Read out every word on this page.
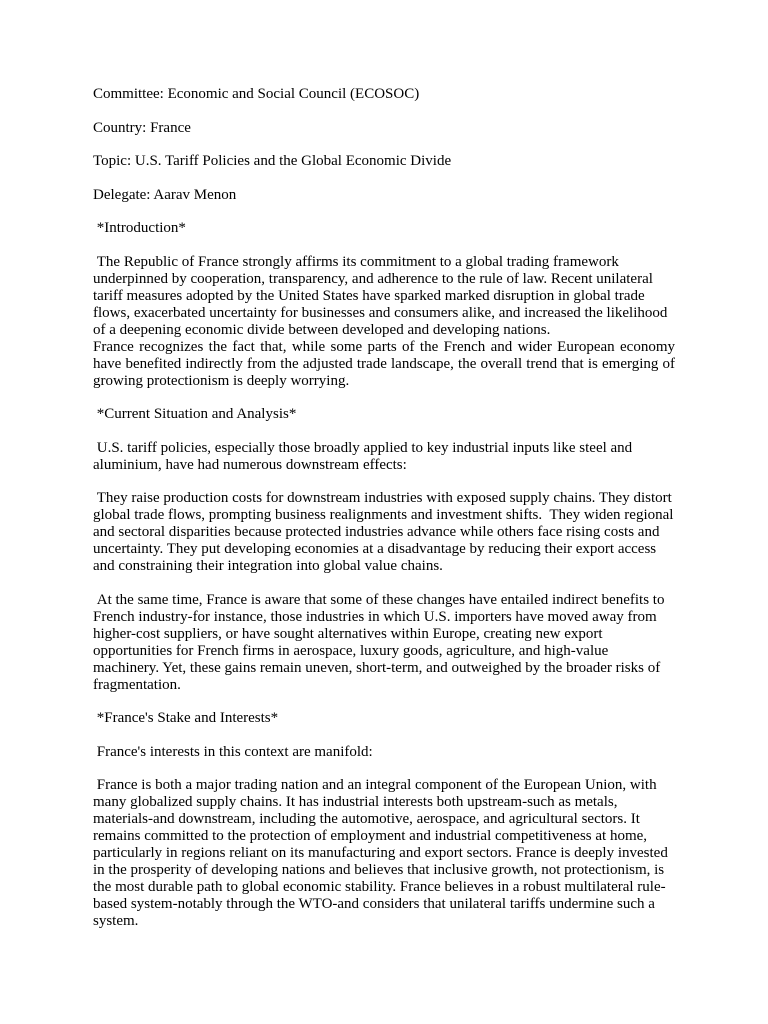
Committee: Economic and Social Council (ECOSOC)

Country: France

Topic: U.S. Tariff Policies and the Global Economic Divide

Delegate: Aarav Menon

*Introduction*

The Republic of France strongly affirms its commitment to a global trading framework underpinned by cooperation, transparency, and adherence to the rule of law. Recent unilateral tariff measures adopted by the United States have sparked marked disruption in global trade flows, exacerbated uncertainty for businesses and consumers alike, and increased the likelihood of a deepening economic divide between developed and developing nations.

France recognizes the fact that, while some parts of the French and wider European economy have benefited indirectly from the adjusted trade landscape, the overall trend that is emerging of growing protectionism is deeply worrying.

*Current Situation and Analysis*

U.S. tariff policies, especially those broadly applied to key industrial inputs like steel and aluminium, have had numerous downstream effects:

They raise production costs for downstream industries with exposed supply chains. They distort global trade flows, prompting business realignments and investment shifts.  They widen regional and sectoral disparities because protected industries advance while others face rising costs and uncertainty. They put developing economies at a disadvantage by reducing their export access and constraining their integration into global value chains.

At the same time, France is aware that some of these changes have entailed indirect benefits to French industry-for instance, those industries in which U.S. importers have moved away from higher-cost suppliers, or have sought alternatives within Europe, creating new export opportunities for French firms in aerospace, luxury goods, agriculture, and high-value machinery. Yet, these gains remain uneven, short-term, and outweighed by the broader risks of fragmentation.

*France's Stake and Interests*

France's interests in this context are manifold:

France is both a major trading nation and an integral component of the European Union, with many globalized supply chains. It has industrial interests both upstream-such as metals, materials-and downstream, including the automotive, aerospace, and agricultural sectors. It remains committed to the protection of employment and industrial competitiveness at home, particularly in regions reliant on its manufacturing and export sectors. France is deeply invested in the prosperity of developing nations and believes that inclusive growth, not protectionism, is the most durable path to global economic stability. France believes in a robust multilateral rule-based system-notably through the WTO-and considers that unilateral tariffs undermine such a system.
